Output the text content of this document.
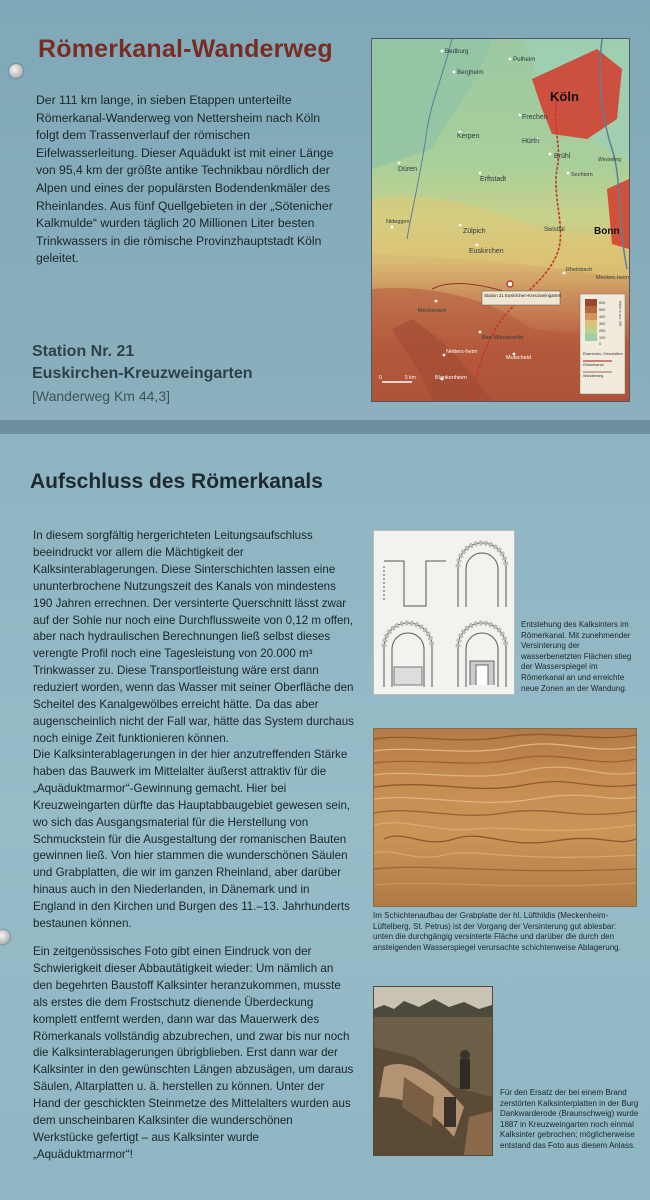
Römerkanal-Wanderweg

Der 111 km lange, in sieben Etappen unterteilte Römerkanal-Wanderweg von Nettersheim nach Köln folgt dem Trassenverlauf der römischen Eifelwasserleitung. Dieser Aquädukt ist mit einer Länge von 95,4 km der größte antike Technikbau nördlich der Alpen und eines der populärsten Bodendenkmäler des Rheinlandes. Aus fünf Quellgebieten in der „Sötenicher Kalkmulde“ wurden täglich 20 Millionen Liter besten Trinkwassers in die römische Provinzhauptstadt Köln geleitet.

Station Nr. 21
Euskirchen-Kreuzweingarten
[Wanderweg Km 44,3]
Bedburg
Bergheim
Pulheim
Köln
Frechen
Kerpen
Hürth
Brühl
Düren
Erftstadt
Wesseling
Sechtem
Bonn
Zülpich
Euskirchen
Swisttal
Nideggen
Rheinbach
Mecken-heim
Mechernich
Bad Münstereifel
Netters-heim
Blankenheim
Mutscheid
Station 21 Euskirchen-Kreuzweingarten
600
500
400
300
200
100
0
Höhe in m ü. NN
Eisenbahn, Ortschaften
Römerkanal
Wanderweg
0	5 km
Aufschluss des Römerkanals

In diesem sorgfältig hergerichteten Leitungsaufschluss beeindruckt vor allem die Mächtigkeit der Kalksinterablagerungen. Diese Sinterschichten lassen eine ununterbrochene Nutzungszeit des Kanals von mindestens 190 Jahren errechnen. Der versinterte Querschnitt lässt zwar auf der Sohle nur noch eine Durchflussweite von 0,12 m offen, aber nach hydraulischen Berechnungen ließ selbst dieses verengte Profil noch eine Tagesleistung von 20.000 m³ Trinkwasser zu. Diese Transportleistung wäre erst dann reduziert worden, wenn das Wasser mit seiner Oberfläche den Scheitel des Kanalgewölbes erreicht hätte. Da das aber augenscheinlich nicht der Fall war, hätte das System durchaus noch einige Zeit funktionieren können.

Die Kalksinterablagerungen in der hier anzutreffenden Stärke haben das Bauwerk im Mittelalter äußerst attraktiv für die „Aquäduktmarmor“-Gewinnung gemacht. Hier bei Kreuzweingarten dürfte das Hauptabbaugebiet gewesen sein, wo sich das Ausgangsmaterial für die Herstellung von Schmuckstein für die Ausgestaltung der romanischen Bauten gewinnen ließ. Von hier stammen die wunderschönen Säulen und Grabplatten, die wir im ganzen Rheinland, aber darüber hinaus auch in den Niederlanden, in Dänemark und in England in den Kirchen und Burgen des 11.–13. Jahrhunderts bestaunen können.

Ein zeitgenössisches Foto gibt einen Eindruck von der Schwierigkeit dieser Abbautätigkeit wieder: Um nämlich an den begehrten Baustoff Kalksinter heranzukommen, musste als erstes die dem Frostschutz dienende Überdeckung komplett entfernt werden, dann war das Mauerwerk des Römerkanals vollständig abzubrechen, und zwar bis nur noch die Kalksinterablagerungen übrigblieben. Erst dann war der Kalksinter in den gewünschten Längen abzusägen, um daraus Säulen, Altarplatten u. ä. herstellen zu können. Unter der Hand der geschickten Steinmetze des Mittelalters wurden aus dem unscheinbaren Kalksinter die wunderschönen Werkstücke gefertigt – aus Kalksinter wurde „Aquäduktmarmor“!

Entstehung des Kalksinters im Römerkanal. Mit zunehmender Versinterung der wasserbenetzten Flächen stieg der Wasserspiegel im Römerkanal an und erreichte neue Zonen an der Wandung.

Im Schichtenaufbau der Grabplatte der hl. Lüfthildis (Meckenheim-Lüftelberg, St. Petrus) ist der Vorgang der Versinterung gut ablesbar: unten die durchgängig versinterte Fläche und darüber die durch den ansteigenden Wasserspiegel verursachte schichtenweise Ablagerung.

Für den Ersatz der bei einem Brand zerstörten Kalksinterplatten in der Burg Dankwarderode (Braunschweig) wurde 1887 in Kreuzweingarten noch einmal Kalksinter gebrochen; möglicherweise entstand das Foto aus diesem Anlass.
